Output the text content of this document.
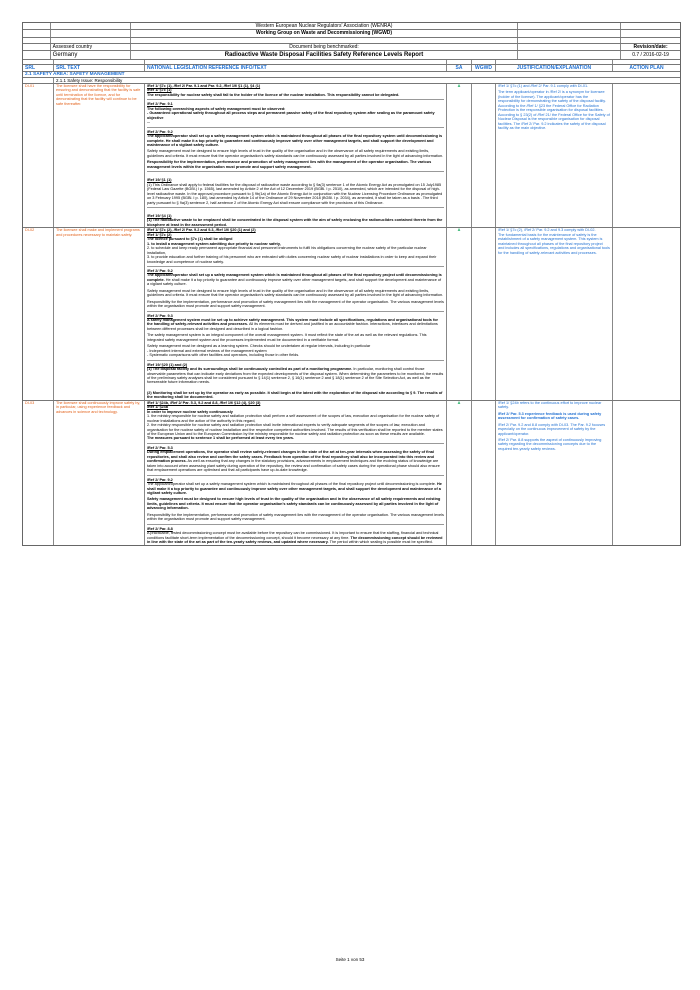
Western European Nuclear Regulators' Association (WENRA)
Working Group on Waste and Decommissioning (WGWD)
Assessed country	Document being benchmarked:	Revision/date:
Germany	Radioactive Waste Disposal Facilities Safety Reference Levels Report	0.7 / 2016-02-19
SRL	SRL TEXT	NATIONAL LEGISLATION REFERENCE INFO/TEXT	SA	WGWD	JUSTIFICATION/EXPLANATION	ACTION PLAN
2.1 SAFETY AREA: SAFETY MANAGEMENT
2.1.1 Safety Issue: Responsibility
DI-01	The licensee shall have the responsibility for ensuring and demonstrating that the facility is safe until termination of the licence, and for demonstrating that the facility will continue to be safe thereafter.
/Ref 1/ §7c (1), /Ref 2/ Par. 9.1 and Par. 9.2, /Ref 19/ §1 (1), §4 (1)
/Ref 1/ §7c (1)
The responsibility for nuclear safety shall fall to the holder of the licence of the nuclear installation. This responsibility cannot be delegated.
/Ref 2/ Par. 9.1
The following overarching aspects of safety management must be observed:
- Guaranteed operational safety throughout all process steps and permanent passive safety of the final repository system after sealing as the paramount safety objective
...
/Ref 2/ Par. 9.2
The applicant/operator shall set up a safety management system which is maintained throughout all phases of the final repository system until decommissioning is complete. He shall make it a top priority to guarantee and continuously improve safety over other management targets, and shall support the development and maintenance of a vigilant safety culture.
Safety management must be designed to ensure high levels of trust in the quality of the organisation and in the observance of all safety requirements and existing limits, guidelines and criteria. It must ensure that the operator organisation's safety standards can be continuously assessed by all parties involved in the light of advancing information.
Responsibility for the implementation, performance and promotion of safety management lies with the management of the operator organisation. The various management levels within the organisation must promote and support safety management.
/Ref 19/ §1 (1)
(1) This Ordinance shall apply to federal facilities for the disposal of radioactive waste according to § 9a(3) sentence 1 of the Atomic Energy Act as promulgated on 15 July1985 (Federal Law Gazette (BGBl.) I p. 1565), last amended by Article 2 of the Act of 12 December 2019 (BGBl. I p. 2510), as amended, which are intended for the disposal of high-level radioactive waste. In the approval procedure pursuant to § 9b(1a) of the Atomic Energy Act in conjunction with the Nuclear Licensing Procedure Ordinance as promulgated on 3 February 1995 (BGBl. I p. 180), last amended by Article 14 of the Ordinance of 29 November 2018 (BGBl. I p. 2034), as amended, it shall be taken as a basis . The third party pursuant to § 9a(3) sentence 2, half-sentence 2 of the Atomic Energy Act shall ensure compliance with the provisions of this Ordinance.
/Ref 19/ §4 (1)
(1) The radioactive waste to be emplaced shall be concentrated in the disposal system with the aim of safely enclosing the radionuclides contained therein from the biosphere at least in the assessment period.
A	/Ref 1/ §7c (1) and /Ref 2/ Par. 9.1 comply with DI-01.
The term applicant/operator in /Ref 2/ is a synonym for licensee (holder of the license). The applicant/operator has the responsibility for demonstrating the safety of the disposal facility. According to the /Ref 1/ §23 the Federal Office for Radiation Protection is the responsible organisation for disposal facilities. According to § 23(2) of /Ref 21/ the Federal Office for the Safety of Nuclear Disposal is the responsible organisation for disposal facilities. The /Ref 2/ Par. 9.2 indicates the safety of the disposal facility as the main objective.
DI-02	The licensee shall make and implement programs and procedures necessary to maintain safety.
/Ref 1/ §7c (2), /Ref 2/ Par. 9.2 and 9.3, /Ref 19/ §20 (1) and (2)
/Ref 1/ §7c (2)
The licence pursuant to §7c (1) shall be obliged
1. to install a management system admitting due priority to nuclear safety,
2. to schedule and keep ready permanent appropriate financial and personnel instruments to fulfil his obligations concerning the nuclear safety of the particular nuclear installation,
3. to provide education and further training of his personnel who are entrusted with duties concerning nuclear safety of nuclear installations in order to keep and expand their knowledge and competence of nuclear safety.
/Ref 2/ Par. 9.2
The applicant/operator shall set up a safety management system which is maintained throughout all phases of the final repository project until decommissioning is complete. He shall make it a top priority to guarantee and continuously improve safety over other management targets, and shall support the development and maintenance of a vigilant safety culture.
Safety management must be designed to ensure high levels of trust in the quality of the organisation and in the observance of all safety requirements and existing limits, guidelines and criteria. It must ensure that the operator organisation's safety standards can be continuously assessed by all parties involved in the light of advancing information.
Responsibility for the implementation, performance and promotion of safety management lies with the management of the operator organisation. The various management levels within the organisation must promote and support safety management.
/Ref 2/ Par. 9.3
A safety management system must be set up to achieve safety management. This system must include all specifications, regulations and organisational tools for the handling of safety-relevant activities and processes. All its elements must be derived and justified in an accountable fashion. Interactions, interfaces and delimitations between different processes shall be designed and described in a logical fashion.
The safety management system is an integral component of the overall management system. It must reflect the state of the art as well as the relevant regulations. This integrated safety management system and the processes implemented must be documented in a verifiable format.
Safety management must be designed as a learning system. Checks should be undertaken at regular intervals, including in particular
- Independent internal and external reviews of the management system
- Systematic comparisons with other facilities and operators, including those in other fields.
/Ref 19/ §20 (1) and (2)
(1) The disposal facility and its surroundings shall be continuously controlled as part of a monitoring programme. In particular, monitoring shall control those observable parameters that can indicate early deviations from the expected developments of the disposal system. When determining the parameters to be monitored, the results of the preliminary safety analyses shall be considered pursuant to § 14(1) sentence 2, § 16(1) sentence 2 and § 18(1) sentence 2 of the Site Selection Act, as well as the foreseeable future information needs.
(2) Monitoring shall be set up by the operator as early as possible. It shall begin at the latest with the exploration of the disposal site according to § 9. The results of the monitoring shall be documented.
A	/Ref 1/ §7c (2), /Ref 2/ Par. 9.2 and 9.3 comply with DI-02.
The fundamental basis for the maintenance of safety is the establishment of a safety management system. This system is maintained throughout all phases of the final repository project and includes all specifications, regulations and organisational tools for the handling of safety-relevant activities and processes.
DI-03	The licensee shall continuously improve safety by, in particular, using experience feedback and advances in science and technology.
/Ref 1/ §24b, /Ref 2/ Par. 5.3, 9.2 and 8.8, /Ref 19/ §12 (4), §20 (3)
/Ref 1/ §24b
In order to improve nuclear safety continuously
1. the ministry responsible for nuclear safety and radiation protection shall perform a self assessment of the scopes of law, execution and organisation for the nuclear safety of nuclear installations and the action of the authority in this regard,
2. the ministry responsible for nuclear safety and radiation protection shall invite international experts to verify adequate segments of the scopes of law, execution and organisation for the nuclear safety of nuclear installation and the respective competent authorities involved. The results of this verification shall be reported to the member states of the European Union and to the European Commission by the ministry responsible for nuclear safety and radiation protection as soon as these results are available.
The measures pursuant to sentence 1 shall be performed at least every ten years.
/Ref 2/ Par. 5.3
During emplacement operations, the operator shall review safety-relevant changes in the state of the art at ten-year intervals when assessing the safety of final repositories, and shall also review and confirm the safety cases. Feedback from operation of the final repository shall also be incorporated into this review and confirmation process. As well as ensuring that any changes in the statutory provisions, advancements in emplacement techniques and the evolving status of knowledge are taken into account when assessing plant safety during operation of the repository, the review and confirmation of safety cases during the operational phase should also ensure that emplacement operations are optimised and that all participants have up-to-date knowledge.
/Ref 2/ Par. 9.2
The applicant/operator shall set up a safety management system which is maintained throughout all phases of the final repository project until decommissioning is complete. He shall make it a top priority to guarantee and continuously improve safety over other management targets, and shall support the development and maintenance of a vigilant safety culture.
Safety management must be designed to ensure high levels of trust in the quality of the organisation and in the observance of all safety requirements and existing limits, guidelines and criteria. It must ensure that the operator organisation's safety standards can be continuously assessed by all parties involved in the light of advancing information.
Responsibility for the implementation, performance and promotion of safety management lies with the management of the operator organisation. The various management levels within the organisation must promote and support safety management.
/Ref 2/ Par. 8.8
A practicable, tested decommissioning concept must be available before the repository can be commissioned. It is important to ensure that the staffing, financial and technical conditions facilitate short-term implementation of the decommissioning concept, should it become necessary at any time. The decommissioning concept should be reviewed in line with the state of the art as part of the ten-yearly safety reviews, and updated where necessary. The period within which sealing is possible must be specified.
A	/Ref 1/ §24b refers to the continuous effort to improve nuclear safety.
/Ref 2/ Par. 5.3 experience feedback is used during safety assessment for confirmation of safety cases.
/Ref 2/ Par. 9.2 and 8.8 comply with DI-03. The Par. 9.2 focuses especially on the continuous improvement of safety by the applicant/operator.
/Ref 2/ Par. 8.8 supports the aspect of continuously improving safety regarding the decommissioning concepts due to the required ten-yearly safety reviews.
Seite 1 von 53
